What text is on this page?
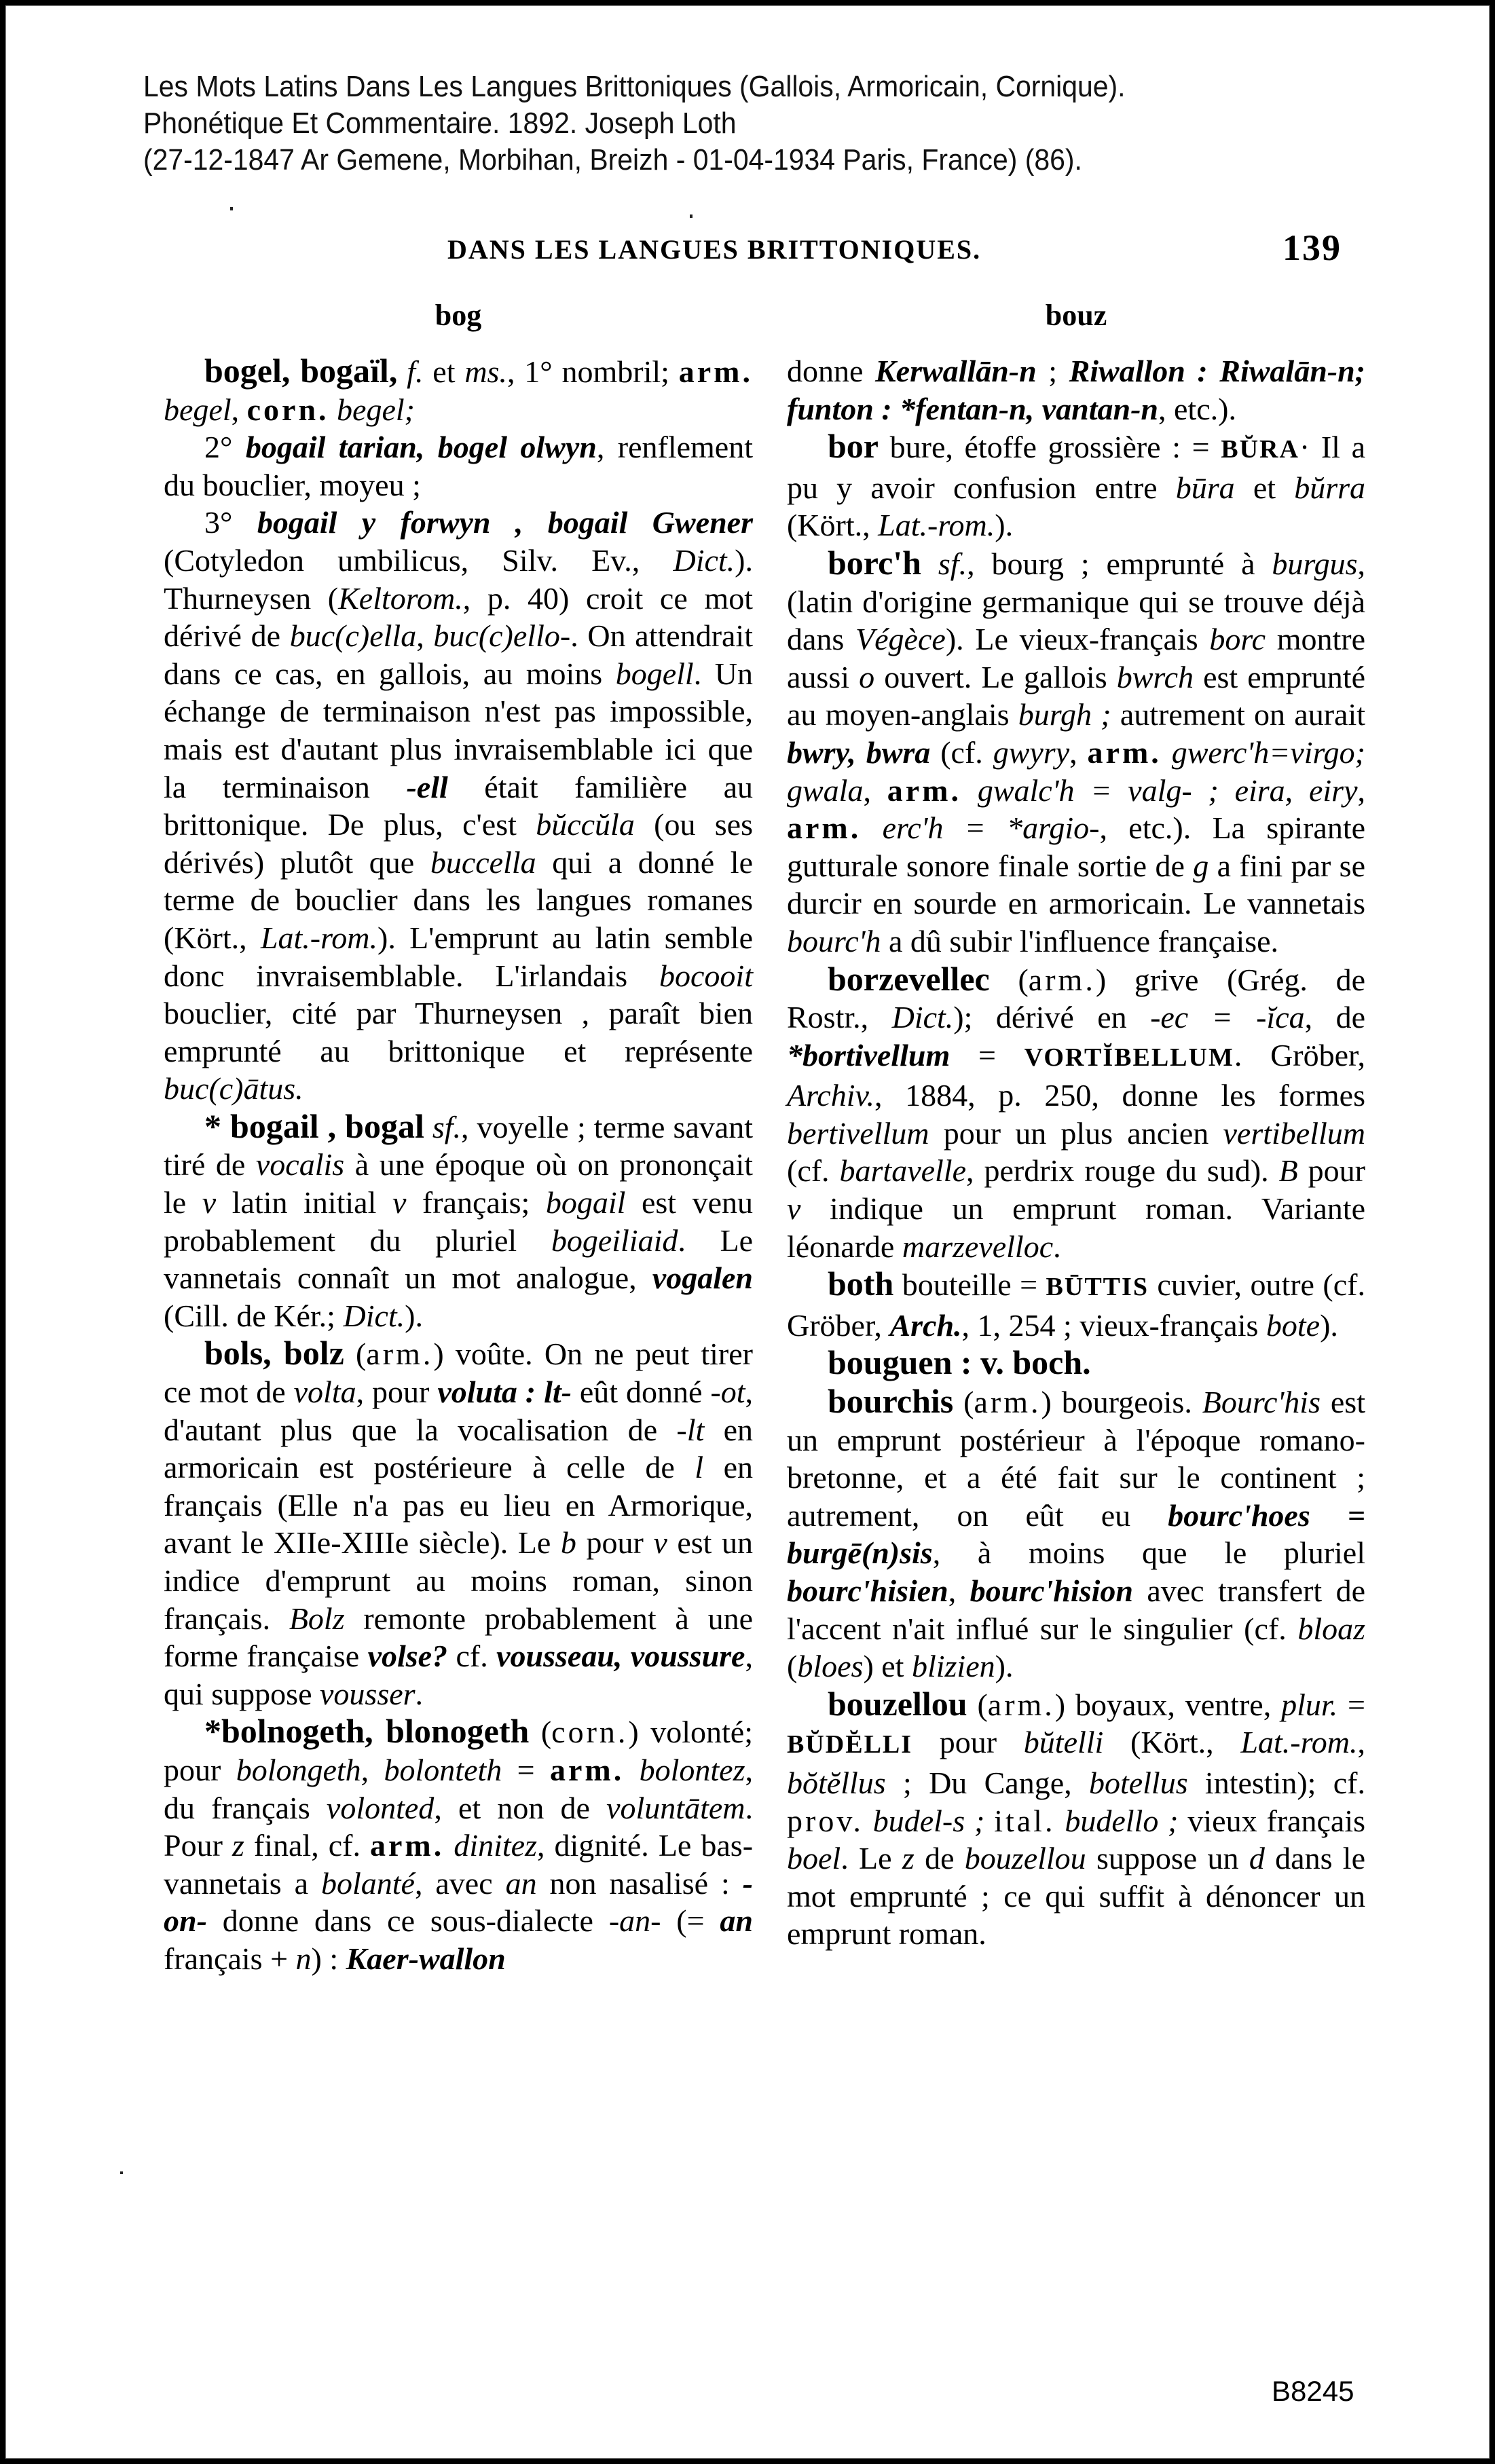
Les Mots Latins Dans Les Langues Brittoniques (Gallois, Armoricain, Cornique).
Phonétique Et Commentaire. 1892. Joseph Loth
(27-12-1847 Ar Gemene, Morbihan, Breizh - 01-04-1934 Paris, France) (86).
DANS LES LANGUES BRITTONIQUES.	139
bog	bouz

bogel, bogaïl, f. et ms., 1° nombril; arm. begel, corn. begel;

2° bogail tarian, bogel olwyn, renflement du bouclier, moyeu ;

3° bogail y forwyn , bogail Gwener (Cotyledon umbilicus, Silv. Ev., Dict.). Thurneysen (Keltorom., p. 40) croit ce mot dérivé de buc(c)ella, buc(c)ello-. On attendrait dans ce cas, en gallois, au moins bogell. Un échange de terminaison n'est pas impossible, mais est d'autant plus invraisemblable ici que la terminaison -ell était familière au brittonique. De plus, c'est bŭccŭla (ou ses dérivés) plutôt que buccella qui a donné le terme de bouclier dans les langues romanes (Kört., Lat.-rom.). L'emprunt au latin semble donc invraisemblable. L'irlandais bocooit bouclier, cité par Thurneysen , paraît bien emprunté au brittonique et représente buc(c)ātus.

* bogail , bogal sf., voyelle ; terme savant tiré de vocalis à une époque où on prononçait le v latin initial v français; bogail est venu probablement du pluriel bogeiliaid. Le vannetais connaît un mot analogue, vogalen (Cill. de Kér.; Dict.).

bols, bolz (arm.) voûte. On ne peut tirer ce mot de volta, pour voluta : lt- eût donné -ot, d'autant plus que la vocalisation de -lt en armoricain est postérieure à celle de l en français (Elle n'a pas eu lieu en Armorique, avant le XIIe-XIIIe siècle). Le b pour v est un indice d'emprunt au moins roman, sinon français. Bolz remonte probablement à une forme française volse? cf. vousseau, voussure, qui suppose vousser.

*bolnogeth, blonogeth (corn.) volonté; pour bolongeth, bolonteth = arm. bolontez, du français volonted, et non de voluntātem. Pour z final, cf. arm. dinitez, dignité. Le bas-vannetais a bolanté, avec an non nasalisé : -on- donne dans ce sous-dialecte -an- (= an français + n) : Kaer-wallon

donne Kerwallān-n ; Riwallon : Riwalān-n; funton : *fentan-n, vantan-n, etc.).

bor bure, étoffe grossière : = BŬRA· Il a pu y avoir confusion entre būra et bŭrra (Kört., Lat.-rom.).

borc'h sf., bourg ; emprunté à burgus, (latin d'origine germanique qui se trouve déjà dans Végèce). Le vieux-français borc montre aussi o ouvert. Le gallois bwrch est emprunté au moyen-anglais burgh ; autrement on aurait bwry, bwra (cf. gwyry, arm. gwerc'h=virgo; gwala, arm. gwalc'h = valg- ; eira, eiry, arm. erc'h = *argio-, etc.). La spirante gutturale sonore finale sortie de g a fini par se durcir en sourde en armoricain. Le vannetais bourc'h a dû subir l'influence française.

borzevellec (arm.) grive (Grég. de Rostr., Dict.); dérivé en -ec = -ĭca, de *bortivellum = VORTĬBELLUM. Gröber, Archiv., 1884, p. 250, donne les formes bertivellum pour un plus ancien vertibellum (cf. bartavelle, perdrix rouge du sud). B pour v indique un emprunt roman. Variante léonarde marzevelloc.

both bouteille = BŪTTIS cuvier, outre (cf. Gröber, Arch., 1, 254 ; vieux-français bote).

bouguen : v. boch.

bourchis (arm.) bourgeois. Bourc'his est un emprunt postérieur à l'époque romano-bretonne, et a été fait sur le continent ; autrement, on eût eu bourc'hoes = burgē(n)sis, à moins que le pluriel bourc'hisien, bourc'hision avec transfert de l'accent n'ait influé sur le singulier (cf. bloaz (bloes) et blizien).

bouzellou (arm.) boyaux, ventre, plur. = BŬDĔLLI pour bŭtelli (Kört., Lat.-rom., bŏtĕllus ; Du Cange, botellus intestin); cf. prov. budel-s ; ital. budello ; vieux français boel. Le z de bouzellou suppose un d dans le mot emprunté ; ce qui suffit à dénoncer un emprunt roman.

B8245
